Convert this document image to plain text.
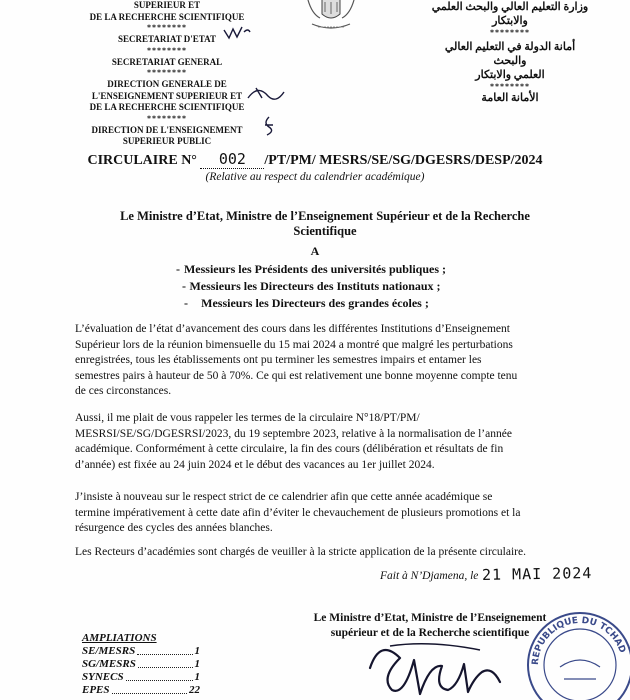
SUPERIEUR ET
DE LA RECHERCHE SCIENTIFIQUE
********
SECRETARIAT D'ETAT
********
SECRETARIAT GENERAL
********
DIRECTION GENERALE DE
L'ENSEIGNEMENT SUPERIEUR ET
DE LA RECHERCHE SCIENTIFIQUE
********
DIRECTION DE L'ENSEIGNEMENT
SUPERIEUR PUBLIC
وزارة التعليم العالي والبحث العلمي
والابتكار
********
أمانة الدولة في التعليم العالي والبحث
العلمي والابتكار
********
الأمانة العامة
CIRCULAIRE N° 002 /PT/PM/ MESRS/SE/SG/DGESRS/DESP/2024
(Relative au respect du calendrier académique)
Le Ministre d’Etat, Ministre de l’Enseignement Supérieur et de la Recherche
Scientifique
A
- Messieurs les Présidents des universités publiques ;
- Messieurs les Directeurs des Instituts nationaux ;
-	Messieurs les Directeurs des grandes écoles ;
L’évaluation de l’état d’avancement des cours dans les différentes Institutions d’Enseignement
Supérieur lors de la réunion bimensuelle du 15 mai 2024 a montré que malgré les perturbations
enregistrées, tous les établissements ont pu terminer les semestres impairs et entamer les
semestres pairs à hauteur de 50 à 70%. Ce qui est relativement une bonne moyenne compte tenu
de ces circonstances.
Aussi, il me plait de vous rappeler les termes de la circulaire N°18/PT/PM/
MESRSI/SE/SG/DGESRSI/2023, du 19 septembre 2023, relative à la normalisation de l’année
académique. Conformément à cette circulaire, la fin des cours (délibération et résultats de fin
d’année) est fixée au 24 juin 2024 et le début des vacances au 1er juillet 2024.
J’insiste à nouveau sur le respect strict de ce calendrier afin que cette année académique se
termine impérativement à cette date afin d’éviter le chevauchement de plusieurs promotions et la
résurgence des cycles des années blanches.
Les Recteurs d’académies sont chargés de veuiller à la stricte application de la présente circulaire.
Fait à N’Djamena, le 21 MAI 2024
Le Ministre d’Etat, Ministre de l’Enseignement
supérieur et de la Recherche scientifique
AMPLIATIONS
SE/MESRS	1
SG/MESRS	1
SYNECS	1
EPES	22
REPUBLIQUE DU TCHAD
